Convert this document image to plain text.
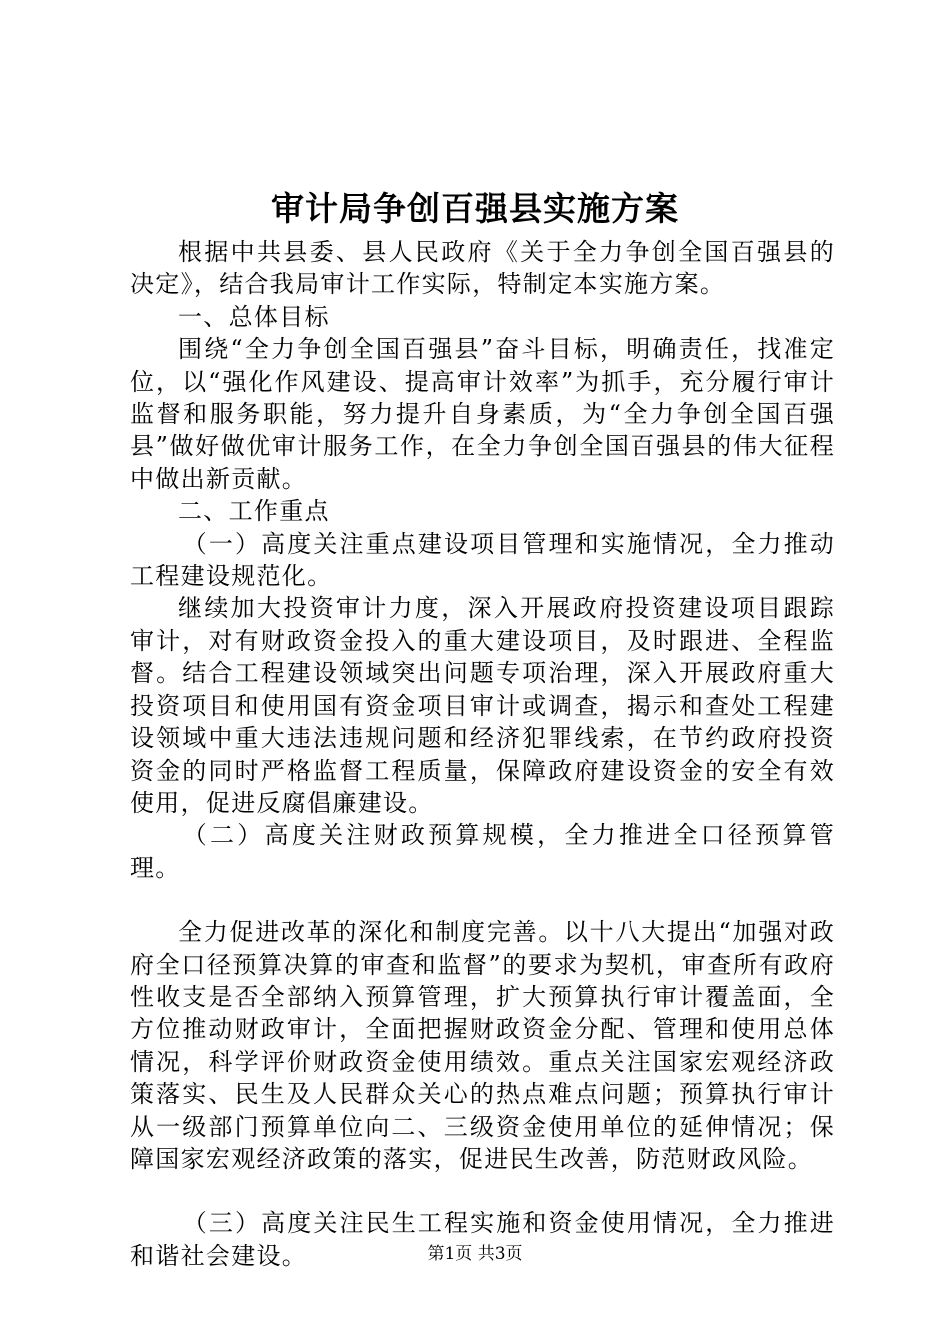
审计局争创百强县实施方案

根据中共县委、县人民政府《关于全力争创全国百强县的决定》，结合我局审计工作实际，特制定本实施方案。

一、总体目标

围绕“全力争创全国百强县”奋斗目标，明确责任，找准定位，以“强化作风建设、提高审计效率”为抓手，充分履行审计监督和服务职能，努力提升自身素质，为“全力争创全国百强县”做好做优审计服务工作，在全力争创全国百强县的伟大征程中做出新贡献。

二、工作重点

（一）高度关注重点建设项目管理和实施情况，全力推动工程建设规范化。

继续加大投资审计力度，深入开展政府投资建设项目跟踪审计，对有财政资金投入的重大建设项目，及时跟进、全程监督。结合工程建设领域突出问题专项治理，深入开展政府重大投资项目和使用国有资金项目审计或调查，揭示和查处工程建设领域中重大违法违规问题和经济犯罪线索，在节约政府投资资金的同时严格监督工程质量，保障政府建设资金的安全有效使用，促进反腐倡廉建设。

（二）高度关注财政预算规模，全力推进全口径预算管理。

全力促进改革的深化和制度完善。以十八大提出“加强对政府全口径预算决算的审查和监督”的要求为契机，审查所有政府性收支是否全部纳入预算管理，扩大预算执行审计覆盖面，全方位推动财政审计，全面把握财政资金分配、管理和使用总体情况，科学评价财政资金使用绩效。重点关注国家宏观经济政策落实、民生及人民群众关心的热点难点问题；预算执行审计从一级部门预算单位向二、三级资金使用单位的延伸情况；保障国家宏观经济政策的落实，促进民生改善，防范财政风险。

（三）高度关注民生工程实施和资金使用情况，全力推进和谐社会建设。	第1页 共3页
